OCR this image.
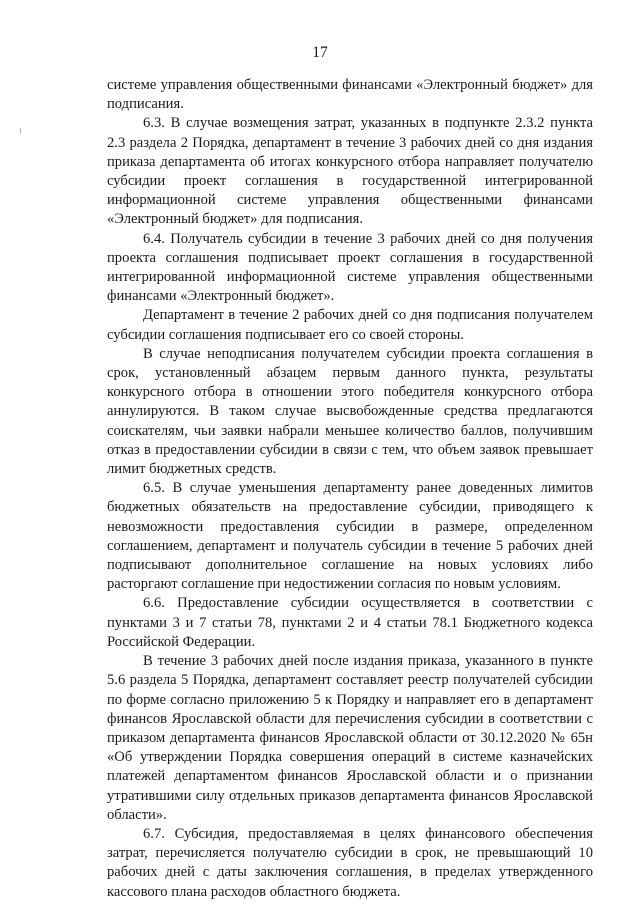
17

системе управления общественными финансами «Электронный бюджет» для подписания.

6.3. В случае возмещения затрат, указанных в подпункте 2.3.2 пункта 2.3 раздела 2 Порядка, департамент в течение 3 рабочих дней со дня издания приказа департамента об итогах конкурсного отбора направляет получателю субсидии проект соглашения в государственной интегрированной информационной системе управления общественными финансами «Электронный бюджет» для подписания.

6.4. Получатель субсидии в течение 3 рабочих дней со дня получения проекта соглашения подписывает проект соглашения в государственной интегрированной информационной системе управления общественными финансами «Электронный бюджет».

Департамент в течение 2 рабочих дней со дня подписания получателем субсидии соглашения подписывает его со своей стороны.

В случае неподписания получателем субсидии проекта соглашения в срок, установленный абзацем первым данного пункта, результаты конкурсного отбора в отношении этого победителя конкурсного отбора аннулируются. В таком случае высвобожденные средства предлагаются соискателям, чьи заявки набрали меньшее количество баллов, получившим отказ в предоставлении субсидии в связи с тем, что объем заявок превышает лимит бюджетных средств.

6.5. В случае уменьшения департаменту ранее доведенных лимитов бюджетных обязательств на предоставление субсидии, приводящего к невозможности предоставления субсидии в размере, определенном соглашением, департамент и получатель субсидии в течение 5 рабочих дней подписывают дополнительное соглашение на новых условиях либо расторгают соглашение при недостижении согласия по новым условиям.

6.6. Предоставление субсидии осуществляется в соответствии с пунктами 3 и 7 статьи 78, пунктами 2 и 4 статьи 78.1 Бюджетного кодекса Российской Федерации.

В течение 3 рабочих дней после издания приказа, указанного в пункте 5.6 раздела 5 Порядка, департамент составляет реестр получателей субсидии по форме согласно приложению 5 к Порядку и направляет его в департамент финансов Ярославской области для перечисления субсидии в соответствии с приказом департамента финансов Ярославской области от 30.12.2020 № 65н «Об утверждении Порядка совершения операций в системе казначейских платежей департаментом финансов Ярославской области и о признании утратившими силу отдельных приказов департамента финансов Ярославской области».

6.7. Субсидия, предоставляемая в целях финансового обеспечения затрат, перечисляется получателю субсидии в срок, не превышающий 10 рабочих дней с даты заключения соглашения, в пределах утвержденного кассового плана расходов областного бюджета.
